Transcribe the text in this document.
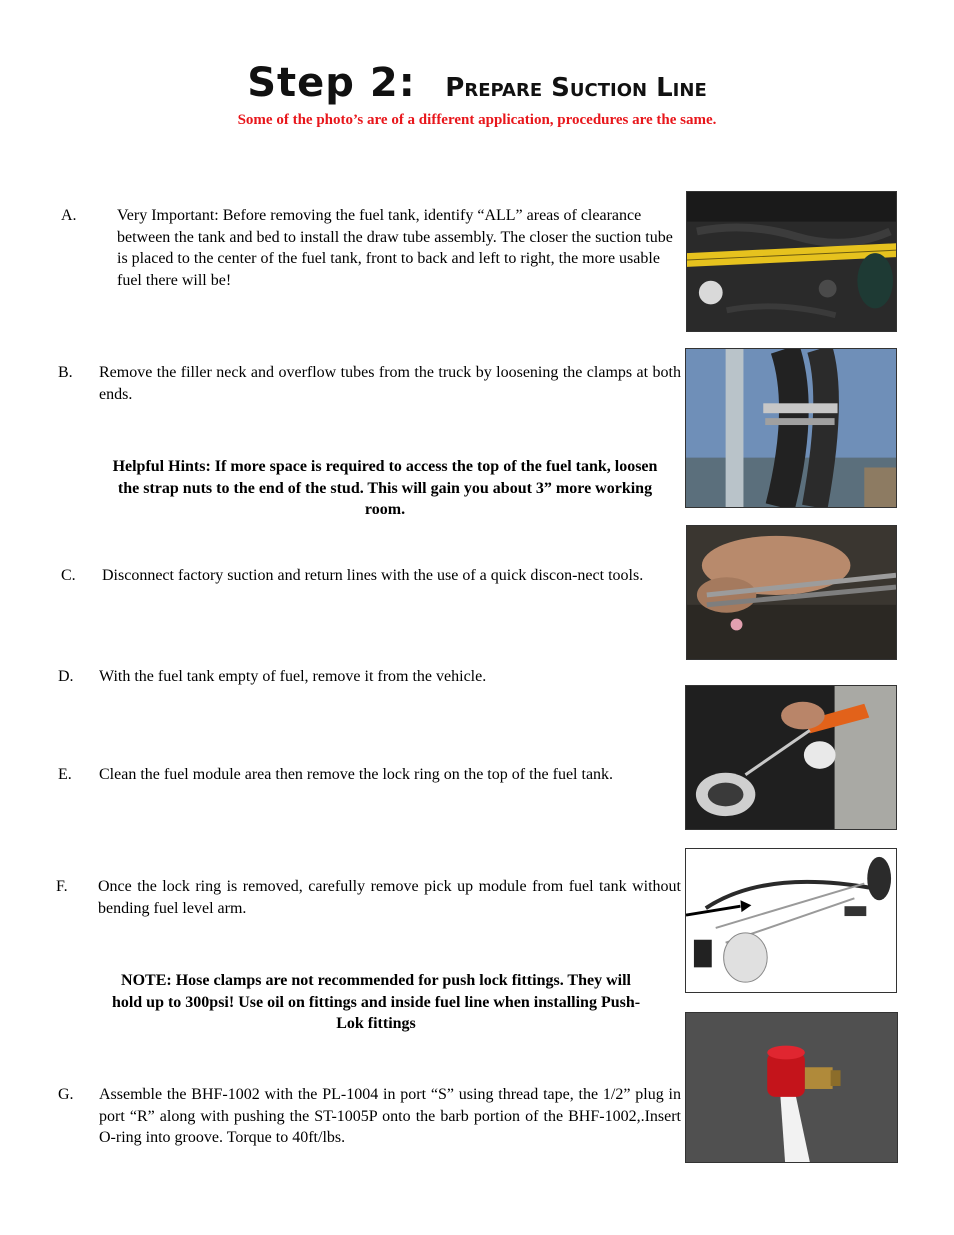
Step 2: Prepare Suction Line
Some of the photo’s are of a different application, procedures are the same.
A.	Very Important: Before removing the fuel tank, identify “ALL” areas of clearance between the tank and bed to install the draw tube assembly. The closer the suction tube is placed to the center of the fuel tank, front to back and left to right, the more usable fuel there will be!
B. Remove the filler neck and overflow tubes from the truck by loosening the clamps at both ends.
Helpful Hints: If more space is required to access the top of the fuel tank, loosen the strap nuts to the end of the stud. This will gain you about 3” more working room.
C. Disconnect factory suction and return lines with the use of a quick discon-nect tools.
D. With the fuel tank empty of fuel, remove it from the vehicle.
E. Clean the fuel module area then remove the lock ring on the top of the fuel tank.
F. Once the lock ring is removed, carefully remove pick up module from fuel tank without bending fuel level arm.
NOTE: Hose clamps are not recommended for push lock fittings. They will hold up to 300psi! Use oil on fittings and inside fuel line when installing Push-Lok fittings
G. Assemble the BHF-1002 with the PL-1004 in port “S” using thread tape, the 1/2” plug in port “R” along with pushing the ST-1005P onto the barb portion of the BHF-1002,.Insert O-ring into groove. Torque to 40ft/lbs.
